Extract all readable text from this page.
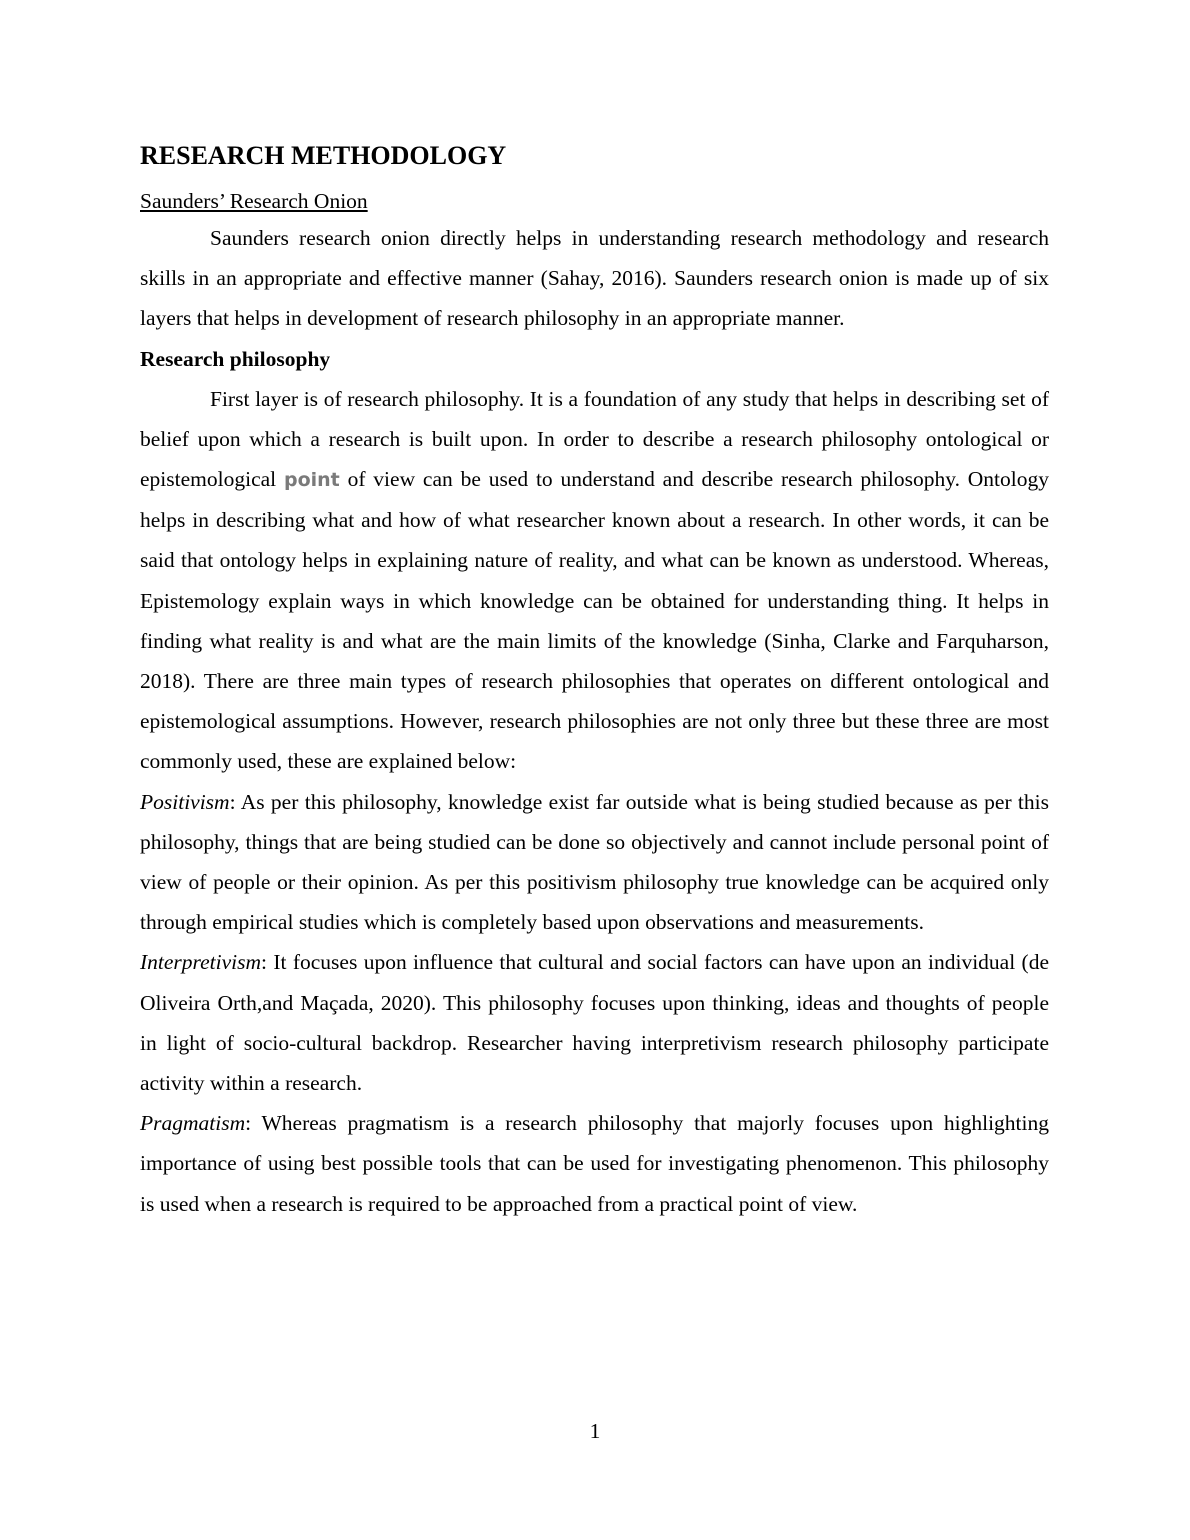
RESEARCH METHODOLOGY
Saunders’ Research Onion

Saunders research onion directly helps in understanding research methodology and research skills in an appropriate and effective manner (Sahay, 2016). Saunders research onion is made up of six layers that helps in development of research philosophy in an appropriate manner.

Research philosophy

First layer is of research philosophy. It is a foundation of any study that helps in describing set of belief upon which a research is built upon. In order to describe a research philosophy ontological or epistemological point of view can be used to understand and describe research philosophy. Ontology helps in describing what and how of what researcher known about a research. In other words, it can be said that ontology helps in explaining nature of reality, and what can be known as understood. Whereas, Epistemology explain ways in which knowledge can be obtained for understanding thing. It helps in finding what reality is and what are the main limits of the knowledge (Sinha, Clarke and Farquharson, 2018). There are three main types of research philosophies that operates on different ontological and epistemological assumptions. However, research philosophies are not only three but these three are most commonly used, these are explained below:

Positivism: As per this philosophy, knowledge exist far outside what is being studied because as per this philosophy, things that are being studied can be done so objectively and cannot include personal point of view of people or their opinion. As per this positivism philosophy true knowledge can be acquired only through empirical studies which is completely based upon observations and measurements.

Interpretivism: It focuses upon influence that cultural and social factors can have upon an individual (de Oliveira Orth,and Maçada, 2020). This philosophy focuses upon thinking, ideas and thoughts of people in light of socio-cultural backdrop. Researcher having interpretivism research philosophy participate activity within a research.

Pragmatism: Whereas pragmatism is a research philosophy that majorly focuses upon highlighting importance of using best possible tools that can be used for investigating phenomenon. This philosophy is used when a research is required to be approached from a practical point of view.

1
